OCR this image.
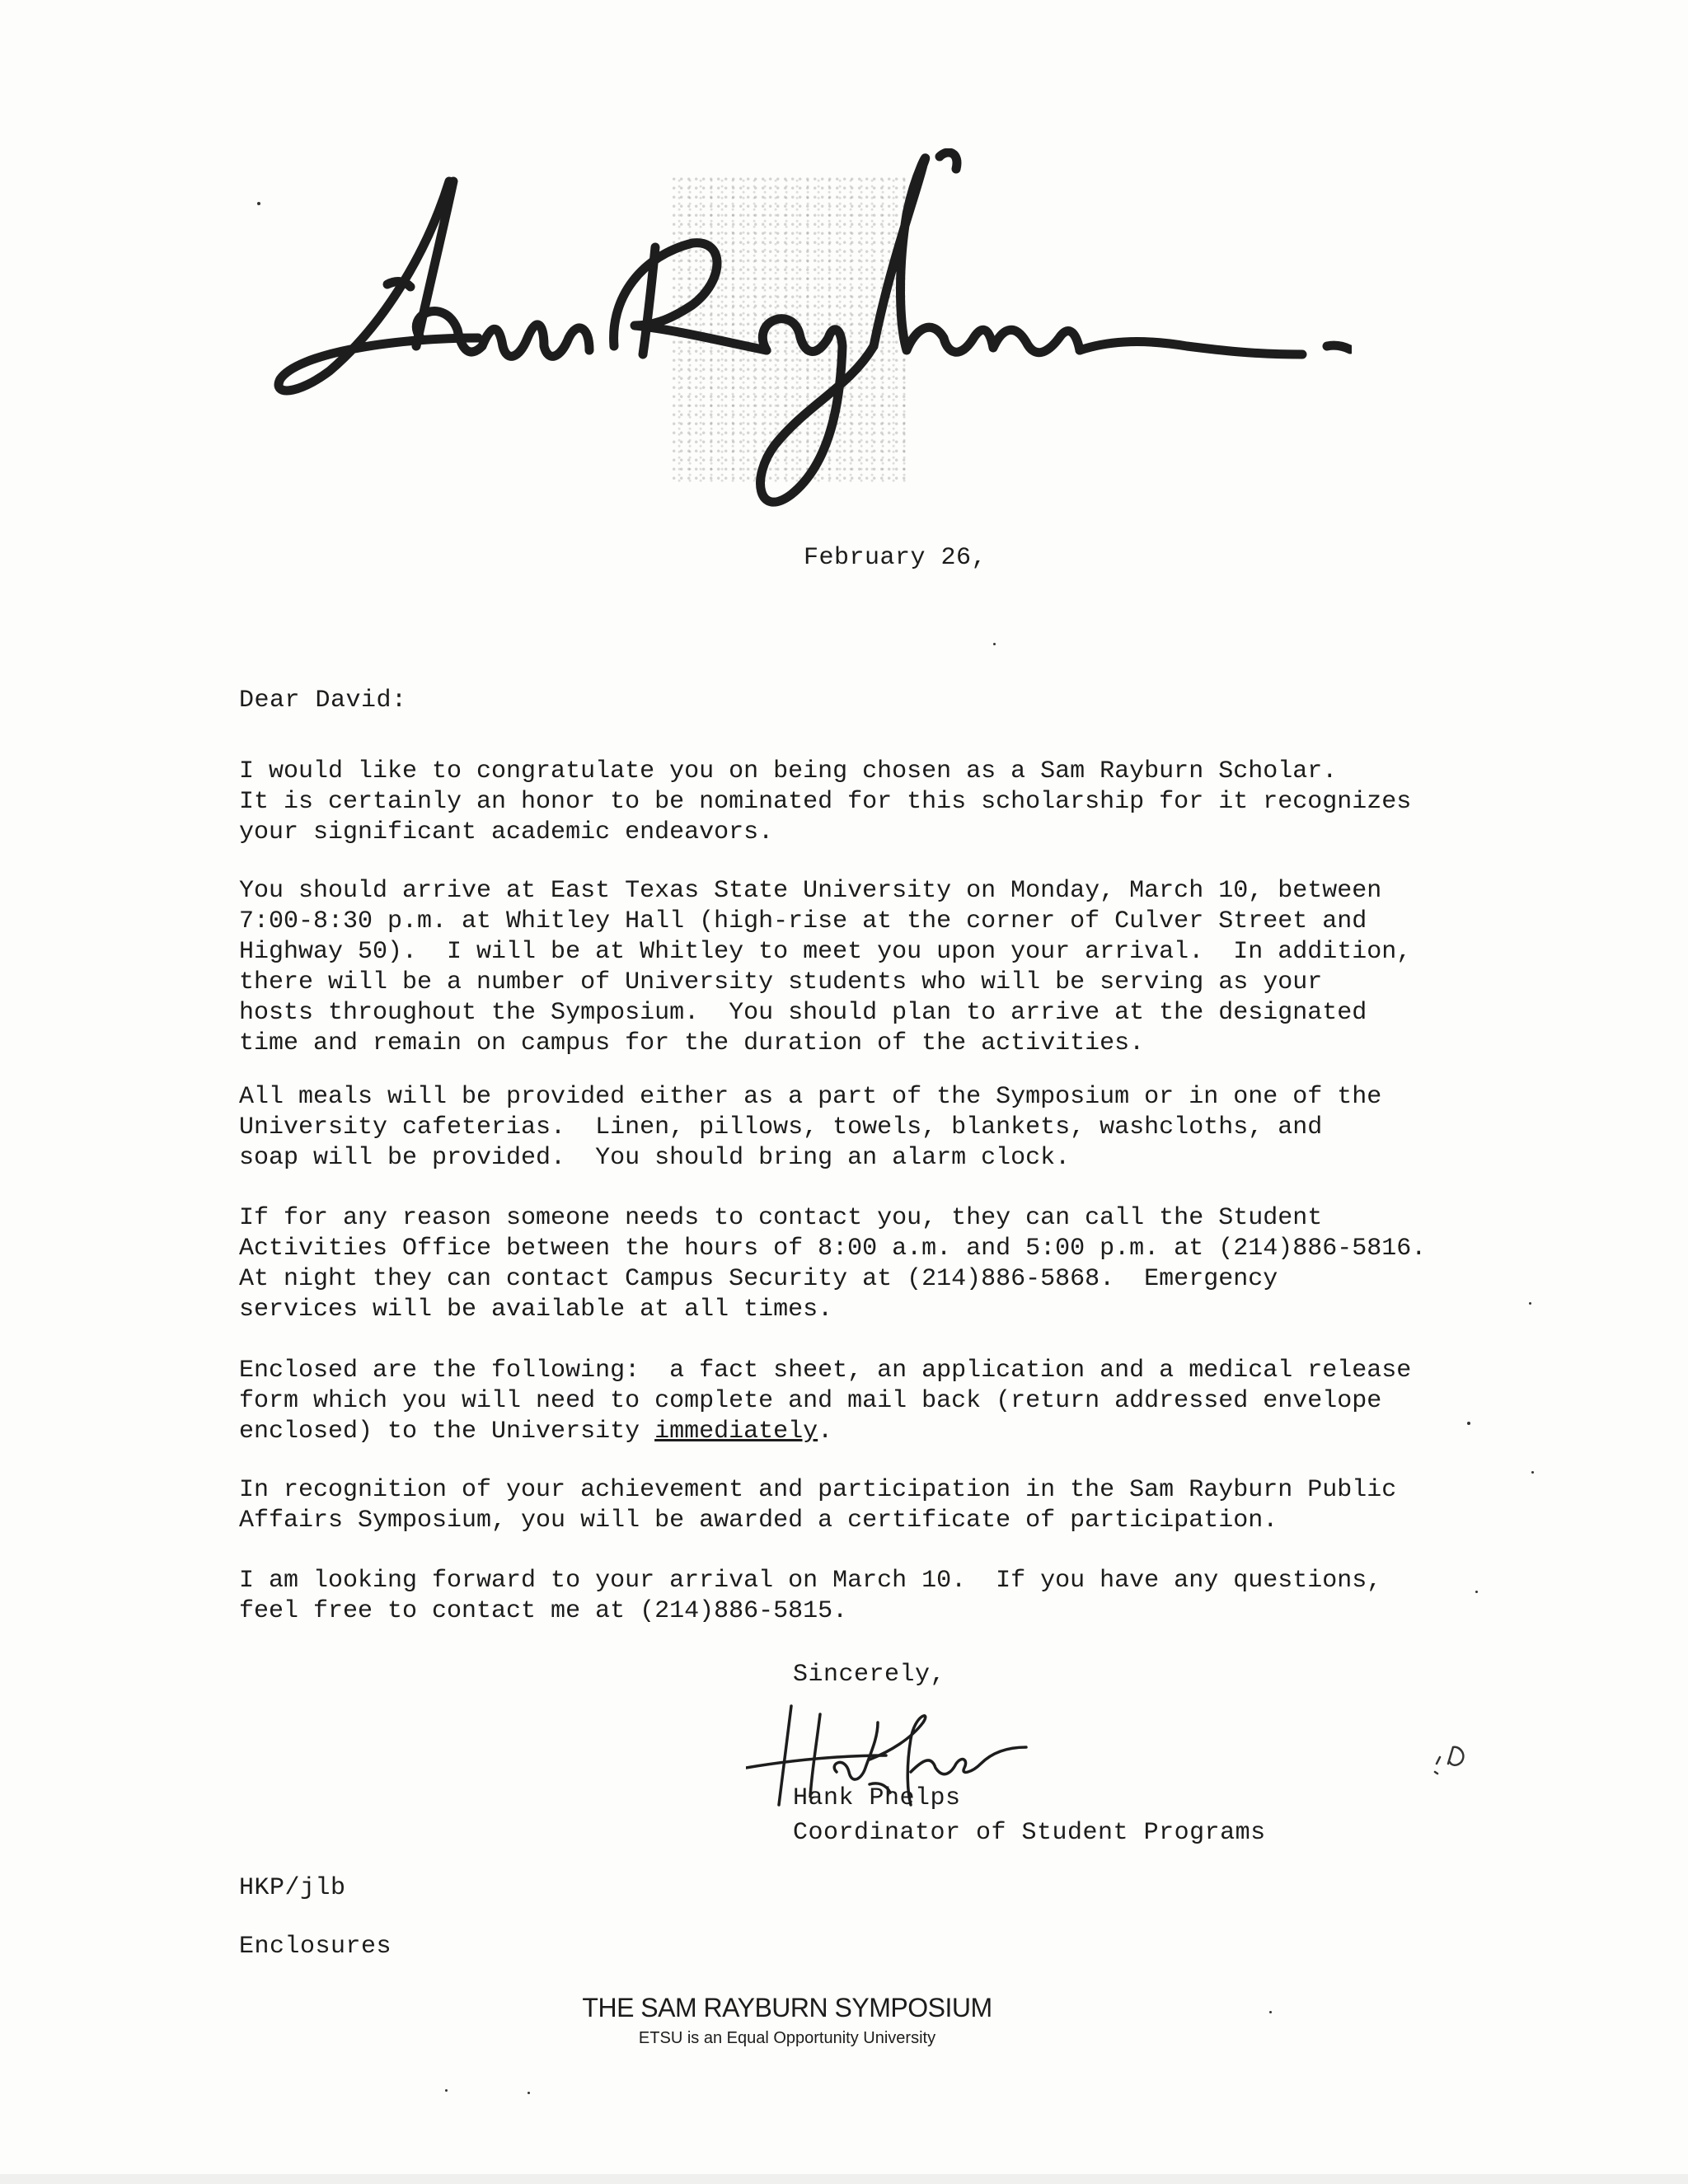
February 26,
Dear David:
I would like to congratulate you on being chosen as a Sam Rayburn Scholar.
It is certainly an honor to be nominated for this scholarship for it recognizes
your significant academic endeavors.
You should arrive at East Texas State University on Monday, March 10, between
7:00-8:30 p.m. at Whitley Hall (high-rise at the corner of Culver Street and
Highway 50).  I will be at Whitley to meet you upon your arrival.  In addition,
there will be a number of University students who will be serving as your
hosts throughout the Symposium.  You should plan to arrive at the designated
time and remain on campus for the duration of the activities.
All meals will be provided either as a part of the Symposium or in one of the
University cafeterias.  Linen, pillows, towels, blankets, washcloths, and
soap will be provided.  You should bring an alarm clock.
If for any reason someone needs to contact you, they can call the Student
Activities Office between the hours of 8:00 a.m. and 5:00 p.m. at (214)886-5816.
At night they can contact Campus Security at (214)886-5868.  Emergency
services will be available at all times.
Enclosed are the following:  a fact sheet, an application and a medical release
form which you will need to complete and mail back (return addressed envelope
enclosed) to the University immediately.
In recognition of your achievement and participation in the Sam Rayburn Public
Affairs Symposium, you will be awarded a certificate of participation.
I am looking forward to your arrival on March 10.  If you have any questions,
feel free to contact me at (214)886-5815.
Sincerely,
Hank Phelps
Coordinator of Student Programs
HKP/jlb
Enclosures
THE SAM RAYBURN SYMPOSIUM
ETSU is an Equal Opportunity University
